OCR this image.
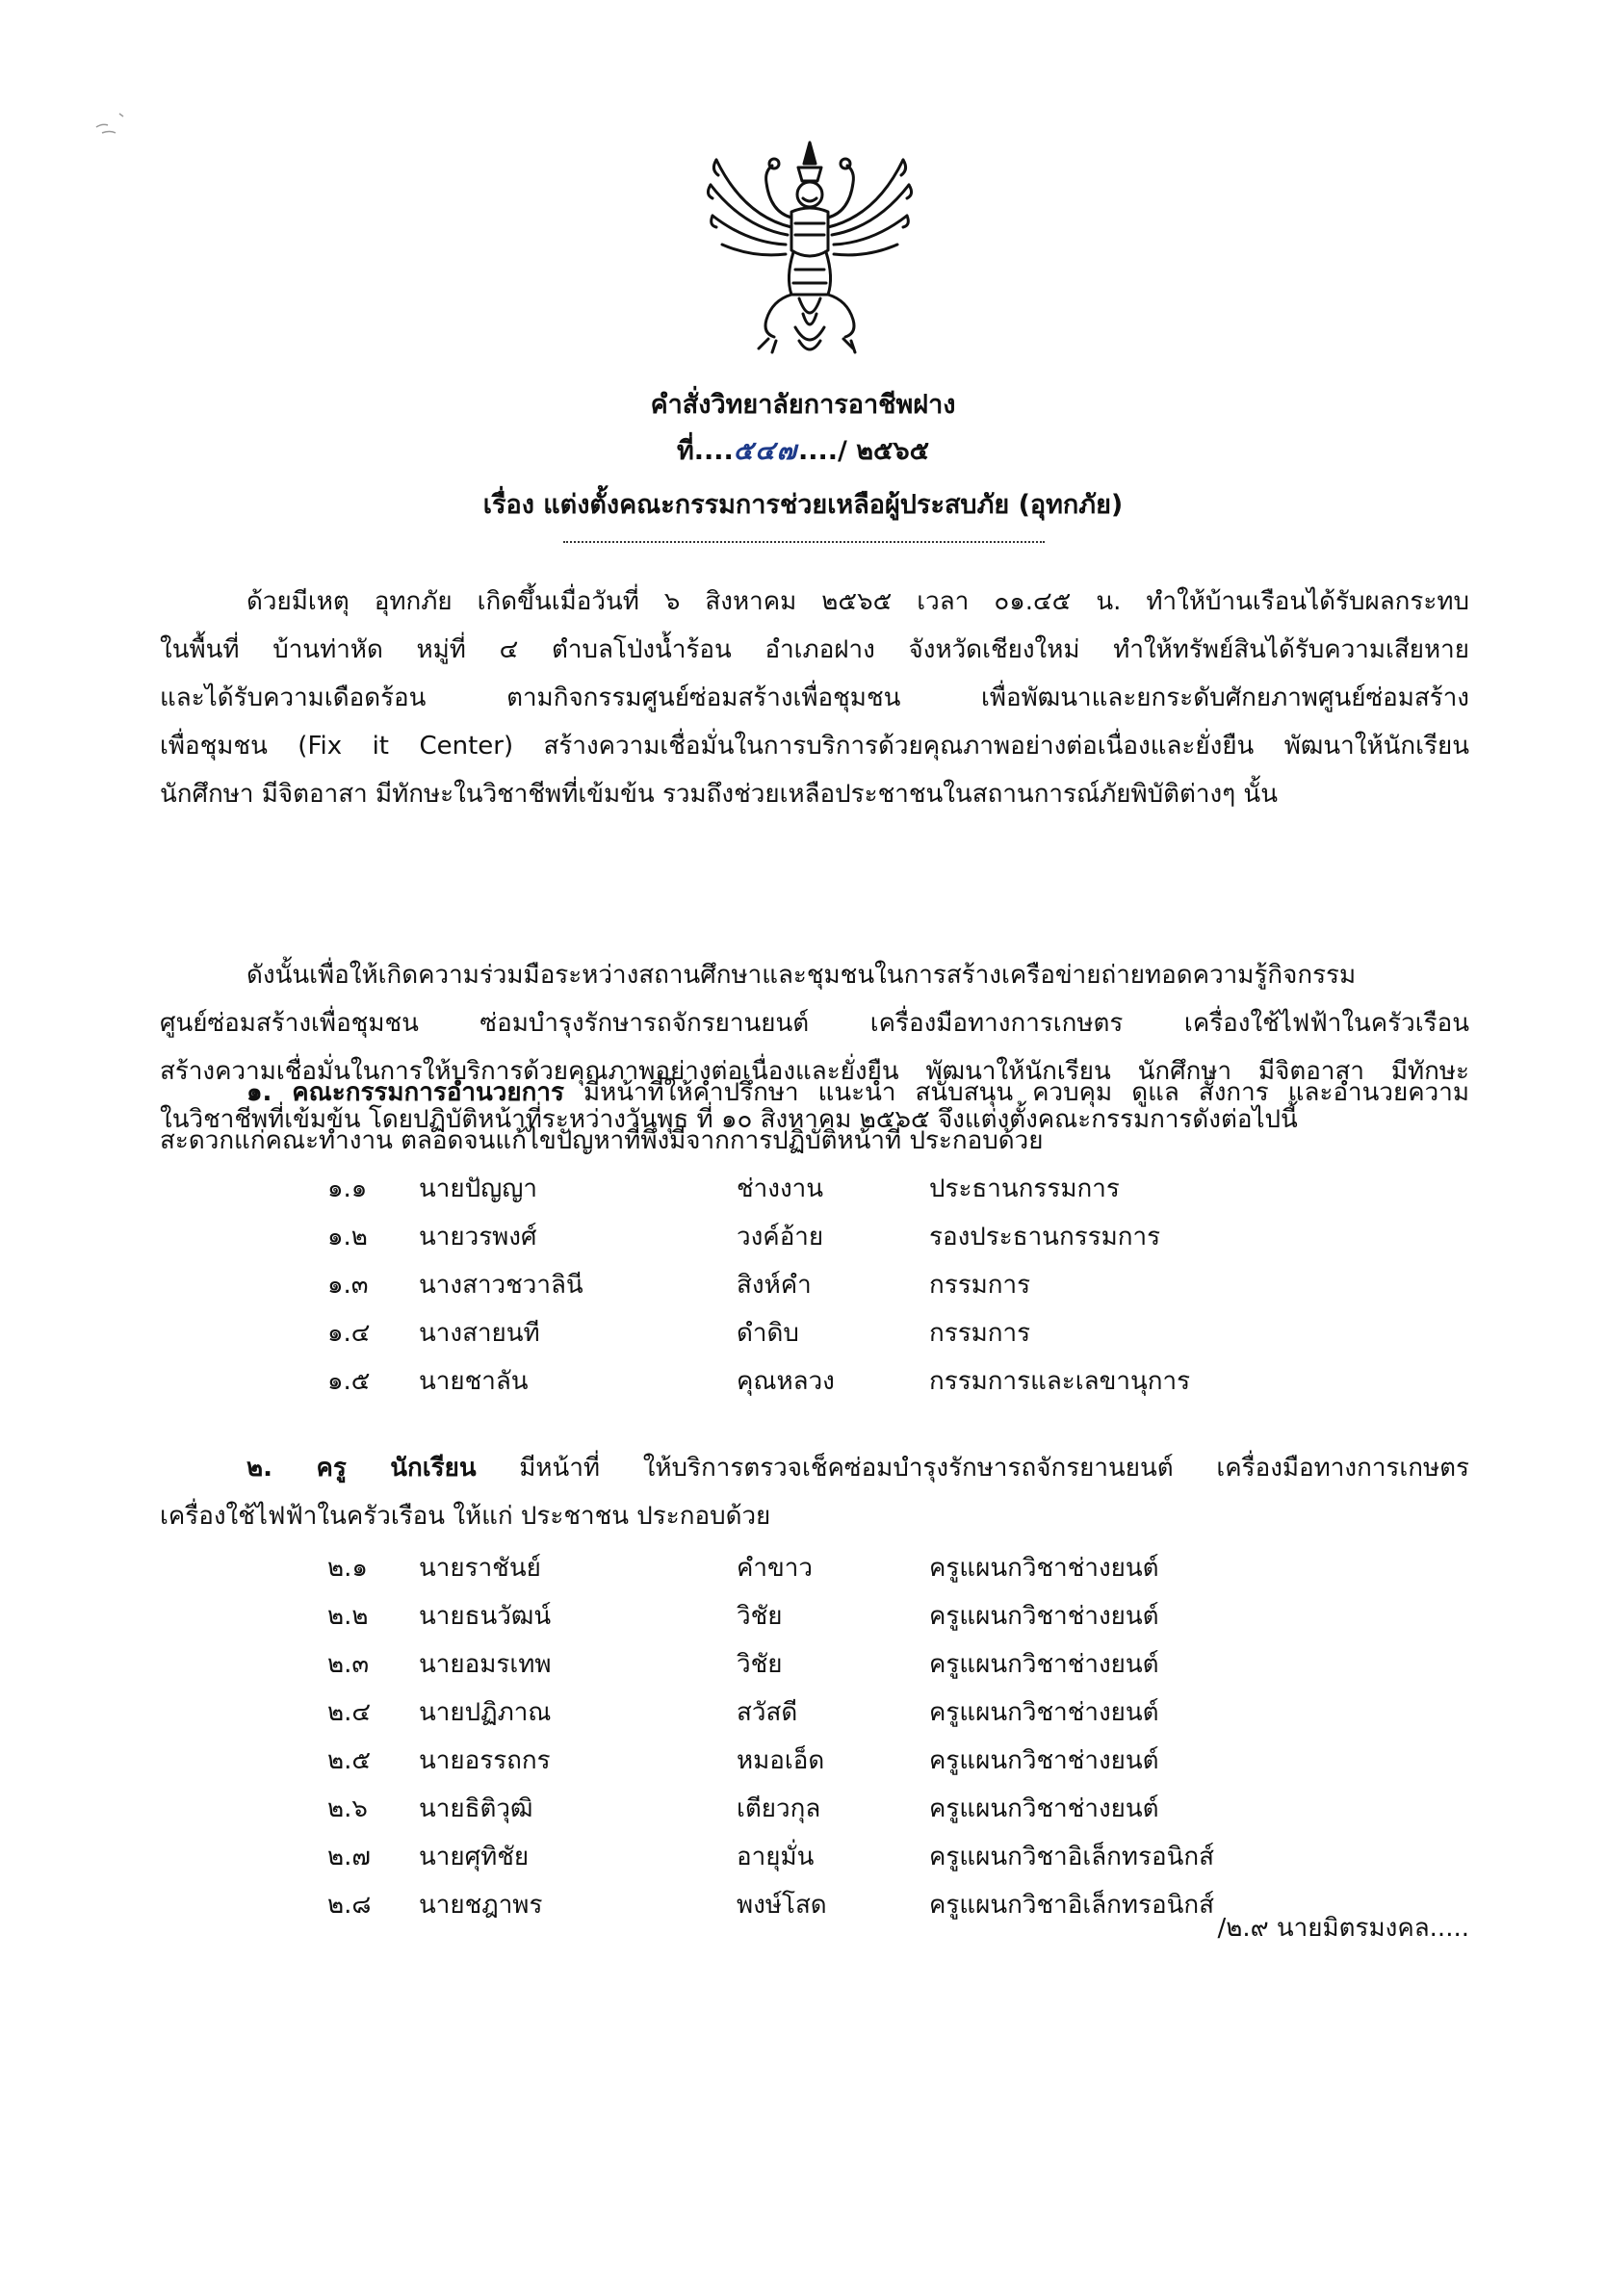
คำสั่งวิทยาลัยการอาชีพฝาง
ที่....๕๔๗..../ ๒๕๖๕
เรื่อง แต่งตั้งคณะกรรมการช่วยเหลือผู้ประสบภัย (อุทกภัย)
ด้วยมีเหตุ อุทกภัย เกิดขึ้นเมื่อวันที่ ๖ สิงหาคม ๒๕๖๕ เวลา ๐๑.๔๕ น. ทำให้บ้านเรือนได้รับผลกระทบ
ในพื้นที่ บ้านท่าหัด หมู่ที่ ๔ ตำบลโป่งน้ำร้อน อำเภอฝาง จังหวัดเชียงใหม่ ทำให้ทรัพย์สินได้รับความเสียหาย
และได้รับความเดือดร้อน ตามกิจกรรมศูนย์ซ่อมสร้างเพื่อชุมชน เพื่อพัฒนาและยกระดับศักยภาพศูนย์ซ่อมสร้าง
เพื่อชุมชน (Fix it Center) สร้างความเชื่อมั่นในการบริการด้วยคุณภาพอย่างต่อเนื่องและยั่งยืน พัฒนาให้นักเรียน
นักศึกษา มีจิตอาสา มีทักษะในวิชาชีพที่เข้มข้น รวมถึงช่วยเหลือประชาชนในสถานการณ์ภัยพิบัติต่างๆ นั้น
ดังนั้นเพื่อให้เกิดความร่วมมือระหว่างสถานศึกษาและชุมชนในการสร้างเครือข่ายถ่ายทอดความรู้กิจกรรม
ศูนย์ซ่อมสร้างเพื่อชุมชน ซ่อมบำรุงรักษารถจักรยานยนต์ เครื่องมือทางการเกษตร เครื่องใช้ไฟฟ้าในครัวเรือน
สร้างความเชื่อมั่นในการให้บริการด้วยคุณภาพอย่างต่อเนื่องและยั่งยืน พัฒนาให้นักเรียน นักศึกษา มีจิตอาสา มีทักษะ
ในวิชาชีพที่เข้มข้น โดยปฏิบัติหน้าที่ระหว่างวันพุธ ที่ ๑๐ สิงหาคม ๒๕๖๕ จึงแต่งตั้งคณะกรรมการดังต่อไปนี้
๑. คณะกรรมการอำนวยการ มีหน้าที่ให้คำปรึกษา แนะนำ สนับสนุน ควบคุม ดูแล สั่งการ และอำนวยความ
สะดวกแก่คณะทำงาน ตลอดจนแก้ไขปัญหาที่พึงมีจากการปฏิบัติหน้าที่ ประกอบด้วย
๑.๑ นายปัญญา	ช่างงาน	ประธานกรรมการ
๑.๒ นายวรพงศ์	วงค์อ้าย	รองประธานกรรมการ
๑.๓ นางสาวชวาลินี	สิงห์คำ	กรรมการ
๑.๔ นางสายนที	ดำดิบ	กรรมการ
๑.๕ นายชาลัน	คุณหลวง	กรรมการและเลขานุการ
๒. ครู นักเรียน มีหน้าที่ ให้บริการตรวจเช็คซ่อมบำรุงรักษารถจักรยานยนต์ เครื่องมือทางการเกษตร
เครื่องใช้ไฟฟ้าในครัวเรือน ให้แก่ ประชาชน ประกอบด้วย
๒.๑ นายราชันย์	คำขาว	ครูแผนกวิชาช่างยนต์
๒.๒ นายธนวัฒน์	วิชัย	ครูแผนกวิชาช่างยนต์
๒.๓ นายอมรเทพ	วิชัย	ครูแผนกวิชาช่างยนต์
๒.๔ นายปฏิภาณ	สวัสดี	ครูแผนกวิชาช่างยนต์
๒.๕ นายอรรถกร	หมอเอ็ด	ครูแผนกวิชาช่างยนต์
๒.๖ นายธิติวุฒิ	เตียวกุล	ครูแผนกวิชาช่างยนต์
๒.๗ นายศุทิชัย	อายุมั่น	ครูแผนกวิชาอิเล็กทรอนิกส์
๒.๘ นายชฎาพร	พงษ์โสด	ครูแผนกวิชาอิเล็กทรอนิกส์
/๒.๙ นายมิตรมงคล.....
